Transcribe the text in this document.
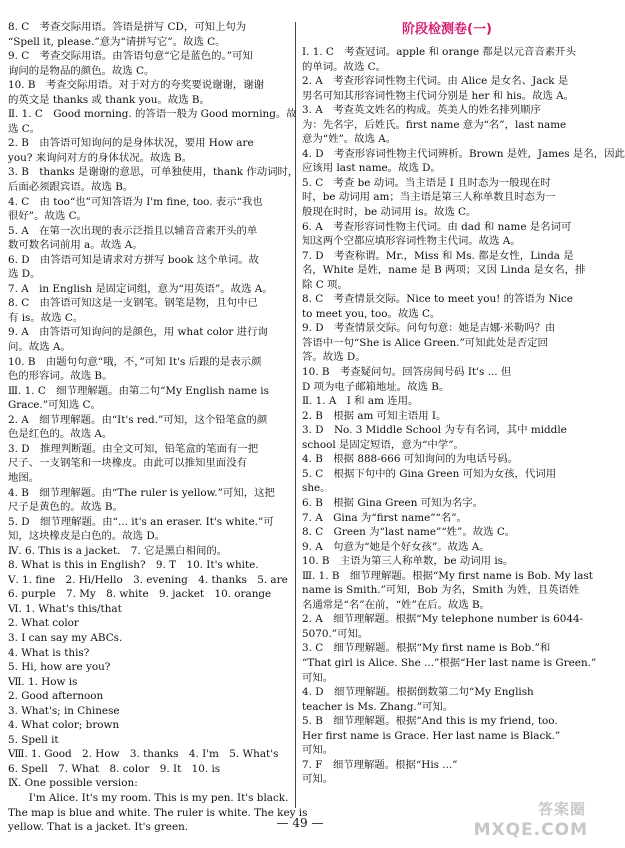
8. C　考查交际用语。答语是拼写 CD，可知上句为
“Spell it, please.”意为“请拼写它”。故选 C。
9. C　考查交际用语。由答语句意“它是蓝色的。”可知
询问的是物品的颜色。故选 C。
10. B　考查交际用语。对于对方的夸奖要说谢谢，谢谢
的英文是 thanks 或 thank you。故选 B。
Ⅱ. 1. C　Good morning. 的答语一般为 Good morning。故
选 C。
2. B　由答语可知询问的是身体状况，要用 How are
you? 来询问对方的身体状况。故选 B。
3. B　thanks 是谢谢的意思，可单独使用，thank 作动词时，
后面必须跟宾语。故选 B。
4. C　由 too“也”可知答语为 I'm fine, too. 表示“我也
很好”。故选 C。
5. A　在第一次出现的表示泛指且以辅音音素开头的单
数可数名词前用 a。故选 A。
6. D　由答语可知是请求对方拼写 book 这个单词。故
选 D。
7. A　in English 是固定词组，意为“用英语”。故选 A。
8. C　由答语可知这是一支钢笔。钢笔是物，且句中已
有 is。故选 C。
9. A　由答语可知询问的是颜色，用 what color 进行询
问。故选 A。
10. B　由题句句意“哦，不，”可知 It's 后跟的是表示颜
色的形容词。故选 B。
Ⅲ. 1. C　细节理解题。由第二句“My English name is
Grace.”可知选 C。
2. A　细节理解题。由“It's red.”可知，这个铅笔盒的颜
色是红色的。故选 A。
3. D　推理判断题。由全文可知，铅笔盒的笔面有一把
尺子、一支钢笔和一块橡皮。由此可以推知里面没有
地图。
4. B　细节理解题。由“The ruler is yellow.”可知，这把
尺子是黄色的。故选 B。
5. D　细节理解题。由“... it's an eraser. It's white.”可
知，这块橡皮是白色的。故选 D。
Ⅳ. 6. This is a jacket.　7. 它是黑白相间的。
8. What is this in English?　9. T　10. It's white.
Ⅴ. 1. fine　2. Hi/Hello　3. evening　4. thanks　5. are
6. purple　7. My　8. white　9. jacket　10. orange
Ⅵ. 1. What's this/that
2. What color
3. I can say my ABCs.
4. What is this?
5. Hi, how are you?
Ⅶ. 1. How is
2. Good afternoon
3. What's; in Chinese
4. What color; brown
5. Spell it
Ⅷ. 1. Good　2. How　3. thanks　4. I'm　5. What's
6. Spell　7. What　8. color　9. It　10. is
Ⅸ. One possible version:
　　I'm Alice. It's my room. This is my pen. It's black.
The map is blue and white. The ruler is white. The key is
yellow. That is a jacket. It's green.
阶段检测卷(一)
Ⅰ. 1. C　考查冠词。apple 和 orange 都是以元音音素开头
的单词。故选 C。
2. A　考查形容词性物主代词。由 Alice 是女名、Jack 是
男名可知其形容词性物主代词分别是 her 和 his。故选 A。
3. A　考查英文姓名的构成。英美人的姓名排列顺序
为：先名字，后姓氏。first name 意为“名”，last name
意为“姓”。故选 A。
4. D　考查形容词性物主代词辨析。Brown 是姓，James 是名，因此
应该用 last name。故选 D。
5. C　考查 be 动词。当主语是 I 且时态为一般现在时
时，be 动词用 am；当主语是第三人称单数且时态为一
般现在时时，be 动词用 is。故选 C。
6. A　考查形容词性物主代词。由 dad 和 name 是名词可
知这两个空都应填形容词性物主代词。故选 A。
7. D　考查称谓。Mr.，Miss 和 Ms. 都是女性，Linda 是
名，White 是姓，name 是 B 两项；又因 Linda 是女名，排
除 C 项。
8. C　考查情景交际。Nice to meet you! 的答语为 Nice
to meet you, too。故选 C。
9. D　考查情景交际。问句句意：她是吉娜·米勒吗？由
答语中一句“She is Alice Green.”可知此处是否定回
答。故选 D。
10. B　考查疑问句。回答房间号码 It's ... 但
D 项为电子邮箱地址。故选 B。
Ⅱ. 1. A　I 和 am 连用。
2. B　根据 am 可知主语用 I。
3. D　No. 3 Middle School 为专有名词，其中 middle
school 是固定短语，意为“中学”。
4. B　根据 888-666 可知询问的为电话号码。
5. C　根据下句中的 Gina Green 可知为女孩，代词用
she。
6. B　根据 Gina Green 可知为名字。
7. A　Gina 为“first name”“名”。
8. C　Green 为“last name”“姓”。故选 C。
9. A　句意为“她是个好女孩”。故选 A。
10. B　主语为第三人称单数，be 动词用 is。
Ⅲ. 1. B　细节理解题。根据“My first name is Bob. My last
name is Smith.”可知，Bob 为名，Smith 为姓，且英语姓
名通常是“名”在前，“姓”在后。故选 B。
2. A　细节理解题。根据“My telephone number is 6044-
5070.”可知。
3. C　细节理解题。根据“My first name is Bob.”和
“That girl is Alice. She ...”根据“Her last name is Green.”
可知。
4. D　细节理解题。根据倒数第二句“My English
teacher is Ms. Zhang.”可知。
5. B　细节理解题。根据“And this is my friend, too.
Her first name is Grace. Her last name is Black.”
可知。
7. F　细节理解题。根据“His ...”
可知。
— 49 —
答案圈
MXQE.COM
